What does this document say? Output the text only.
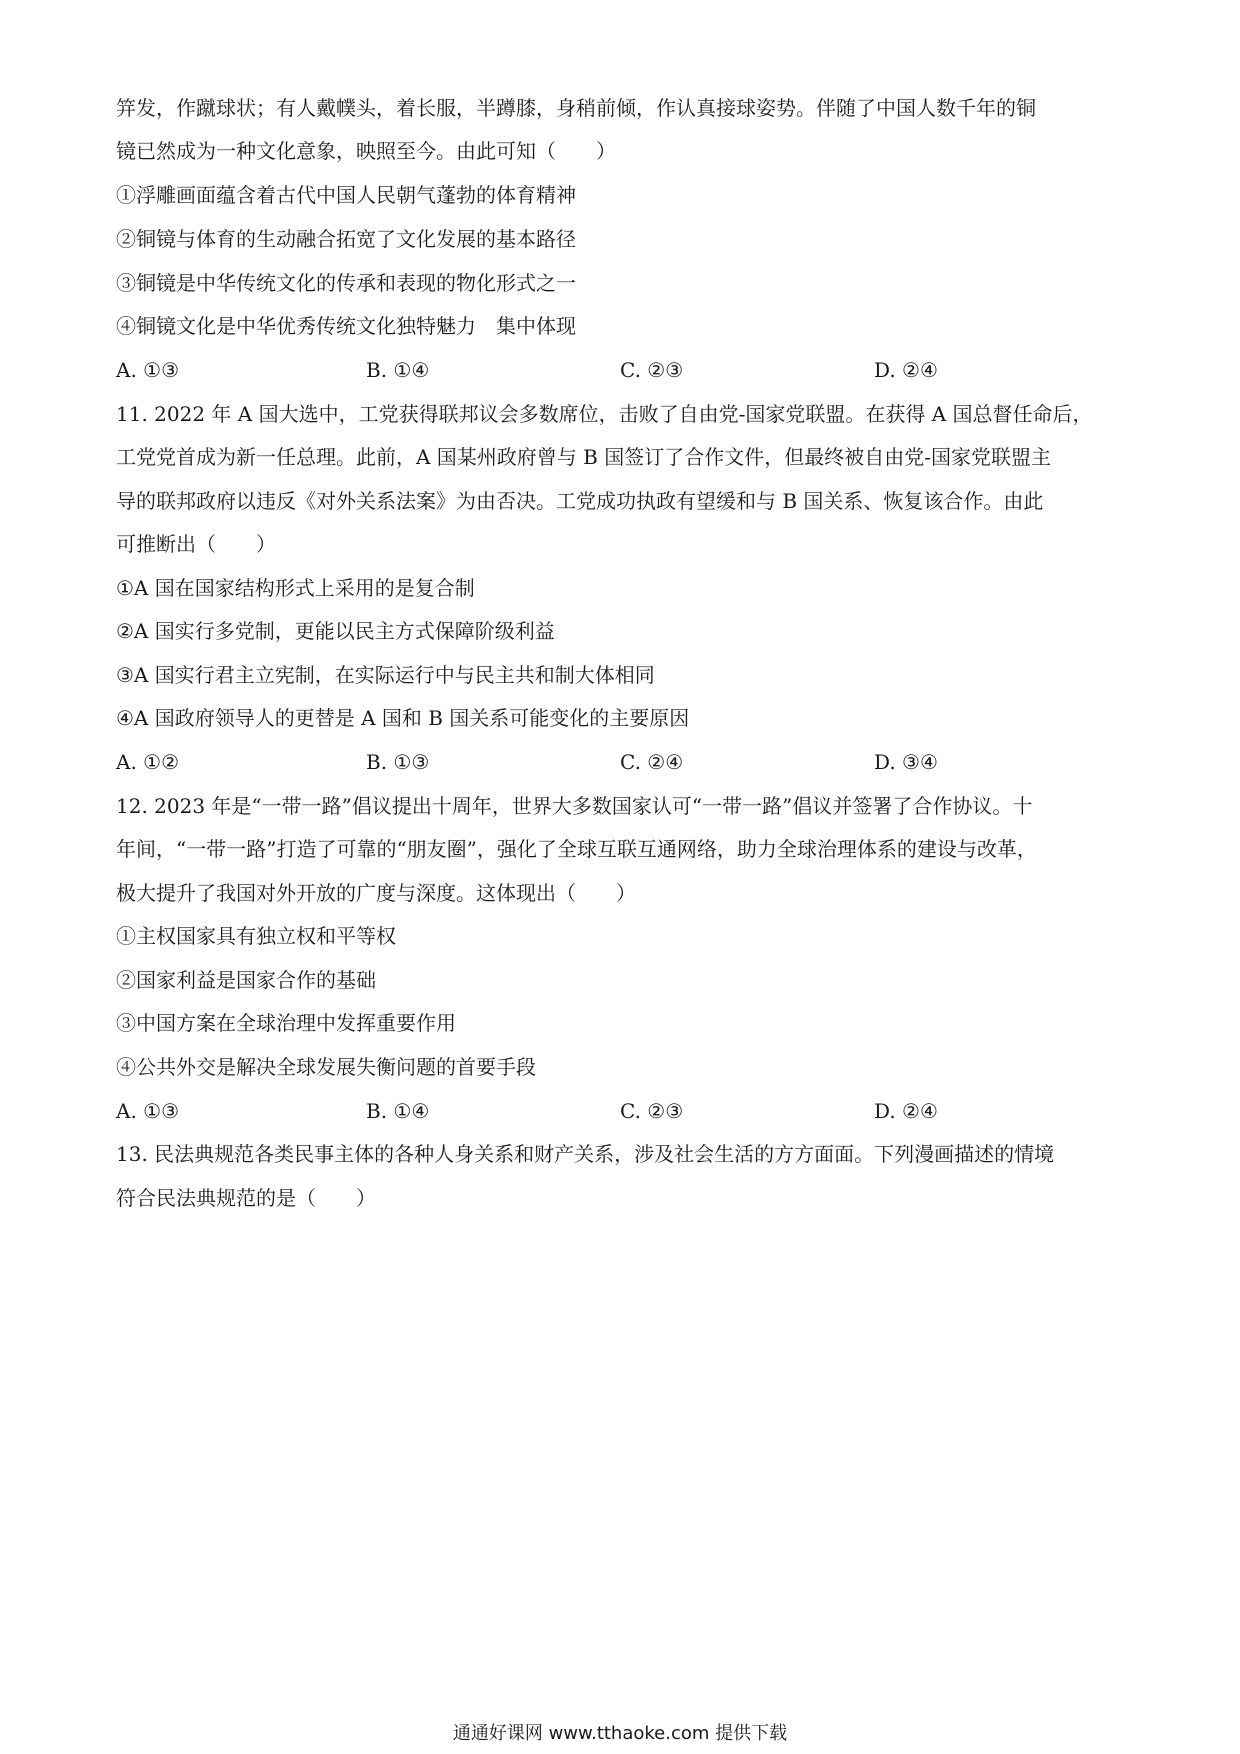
笄发，作蹴球状；有人戴幞头，着长服，半蹲膝，身稍前倾，作认真接球姿势。伴随了中国人数千年的铜
镜已然成为一种文化意象，映照至今。由此可知（　　）
①浮雕画面蕴含着古代中国人民朝气蓬勃的体育精神
②铜镜与体育的生动融合拓宽了文化发展的基本路径
③铜镜是中华传统文化的传承和表现的物化形式之一
④铜镜文化是中华优秀传统文化独特魅力　集中体现
A. ①③	B. ①④	C. ②③	D. ②④
11. 2022 年 A 国大选中，工党获得联邦议会多数席位，击败了自由党-国家党联盟。在获得 A 国总督任命后，
工党党首成为新一任总理。此前，A 国某州政府曾与 B 国签订了合作文件，但最终被自由党-国家党联盟主
导的联邦政府以违反《对外关系法案》为由否决。工党成功执政有望缓和与 B 国关系、恢复该合作。由此
可推断出（　　）
①A 国在国家结构形式上采用的是复合制
②A 国实行多党制，更能以民主方式保障阶级利益
③A 国实行君主立宪制，在实际运行中与民主共和制大体相同
④A 国政府领导人的更替是 A 国和 B 国关系可能变化的主要原因
A. ①②	B. ①③	C. ②④	D. ③④
12. 2023 年是“一带一路”倡议提出十周年，世界大多数国家认可“一带一路”倡议并签署了合作协议。十
年间，“一带一路”打造了可靠的“朋友圈”，强化了全球互联互通网络，助力全球治理体系的建设与改革，
极大提升了我国对外开放的广度与深度。这体现出（　　）
①主权国家具有独立权和平等权
②国家利益是国家合作的基础
③中国方案在全球治理中发挥重要作用
④公共外交是解决全球发展失衡问题的首要手段
A. ①③	B. ①④	C. ②③	D. ②④
13. 民法典规范各类民事主体的各种人身关系和财产关系，涉及社会生活的方方面面。下列漫画描述的情境
符合民法典规范的是（　　）
通通好课网 www.tthaoke.com 提供下载
